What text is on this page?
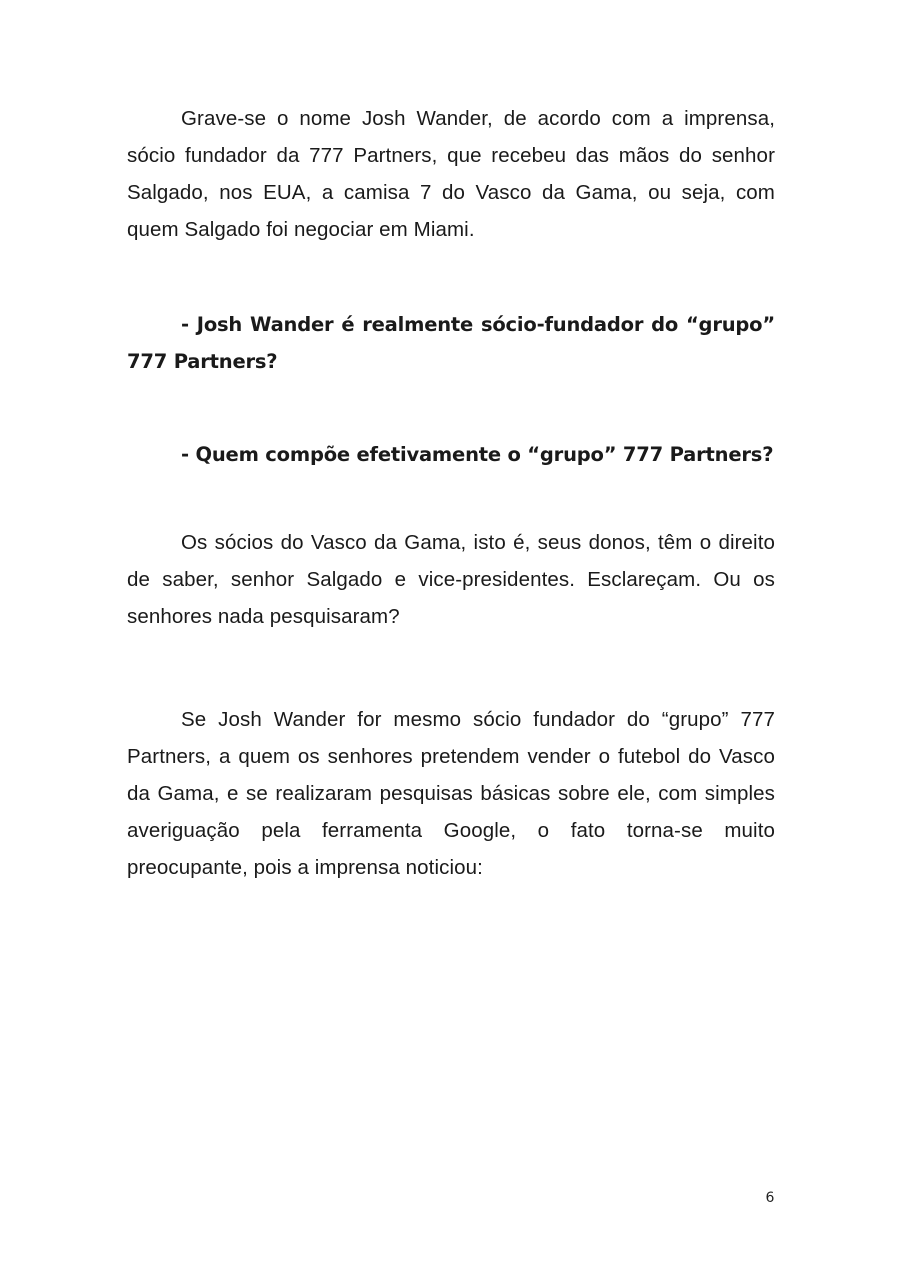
Grave-se o nome Josh Wander, de acordo com a imprensa, sócio fundador da 777 Partners, que recebeu das mãos do senhor Salgado, nos EUA, a camisa 7 do Vasco da Gama, ou seja, com quem Salgado foi negociar em Miami.

- Josh Wander é realmente sócio-fundador do “grupo” 777 Partners?

- Quem compõe efetivamente o “grupo” 777 Partners?

Os sócios do Vasco da Gama, isto é, seus donos, têm o direito de saber, senhor Salgado e vice-presidentes. Esclareçam. Ou os senhores nada pesquisaram?

Se Josh Wander for mesmo sócio fundador do “grupo” 777 Partners, a quem os senhores pretendem vender o futebol do Vasco da Gama, e se realizaram pesquisas básicas sobre ele, com simples averiguação pela ferramenta Google, o fato torna-se muito preocupante, pois a imprensa noticiou:

6
